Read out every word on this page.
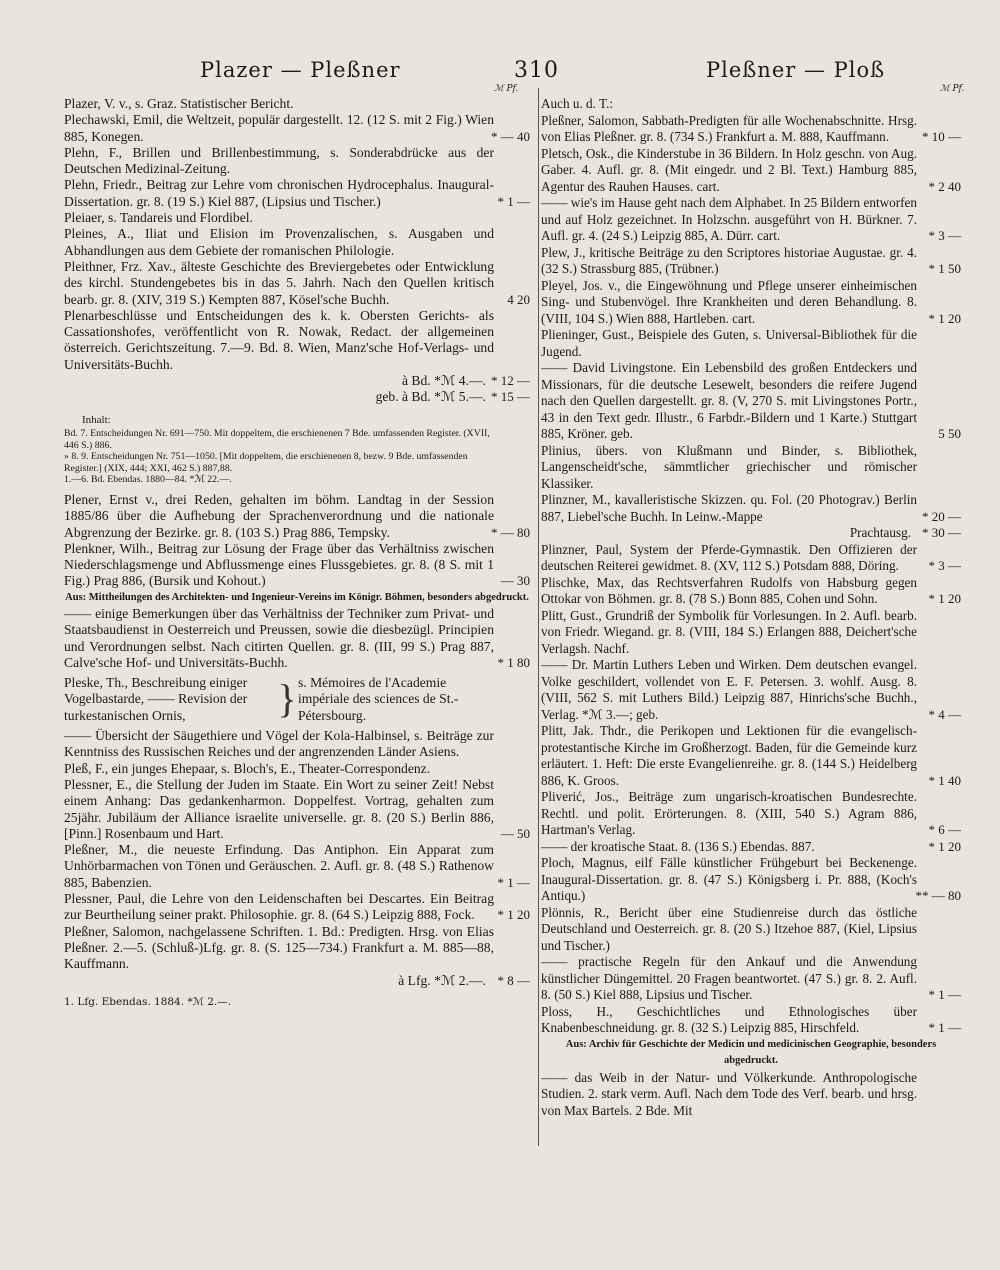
Plazer — Pleßner	310	Pleßner — Ploß
ℳ Pf.	ℳ Pf.
Plazer, V. v., s. Graz. Statistischer Bericht.
Plechawski, Emil, die Weltzeit, populär dargestellt. 12. (12 S. mit 2 Fig.) Wien 885, Konegen.	* — 40
Plehn, F., Brillen und Brillenbestimmung, s. Sonderabdrücke aus der Deutschen Medizinal-Zeitung.
Plehn, Friedr., Beitrag zur Lehre vom chronischen Hydrocephalus. Inaugural-Dissertation. gr. 8. (19 S.) Kiel 887, (Lipsius und Tischer.)	* 1 —
Pleiaer, s. Tandareis und Flordibel.
Pleines, A., Iliat und Elision im Provenzalischen, s. Ausgaben und Abhandlungen aus dem Gebiete der romanischen Philologie.
Pleithner, Frz. Xav., älteste Geschichte des Breviergebetes oder Entwicklung des kirchl. Stundengebetes bis in das 5. Jahrh. Nach den Quellen kritisch bearb. gr. 8. (XIV, 319 S.) Kempten 887, Kösel'sche Buchh.	4 20
Plenarbeschlüsse und Entscheidungen des k. k. Obersten Gerichts- als Cassationshofes, veröffentlicht von R. Nowak, Redact. der allgemeinen österreich. Gerichtszeitung. 7.—9. Bd. 8. Wien, Manz'sche Hof-Verlags- und Universitäts-Buchh.
à Bd. *ℳ 4.—. * 12 —
geb. à Bd. *ℳ 5.—. * 15 —
Inhalt:
Bd. 7. Entscheidungen Nr. 691—750. Mit doppeltem, die erschienenen 7 Bde. umfassenden Register. (XVII, 446 S.) 886.
» 8. 9. Entscheidungen Nr. 751—1050. [Mit doppeltem, die erschienenen 8, bezw. 9 Bde. umfassenden Register.] (XIX, 444; XXI, 462 S.) 887,88.
1.—6. Bd. Ebendas. 1880—84. *ℳ 22.—.
Plener, Ernst v., drei Reden, gehalten im böhm. Landtag in der Session 1885/86 über die Aufhebung der Sprachenverordnung und die nationale Abgrenzung der Bezirke. gr. 8. (103 S.) Prag 886, Tempsky.	* — 80
Plenkner, Wilh., Beitrag zur Lösung der Frage über das Verhältniss zwischen Niederschlagsmenge und Abflussmenge eines Flussgebietes. gr. 8. (8 S. mit 1 Fig.) Prag 886, (Bursik und Kohout.)	— 30
Aus: Mittheilungen des Architekten- und Ingenieur-Vereins im Königr. Böhmen, besonders abgedruckt.
—— einige Bemerkungen über das Verhältniss der Techniker zum Privat- und Staatsbaudienst in Oesterreich und Preussen, sowie die diesbezügl. Principien und Verordnungen selbst. Nach citirten Quellen. gr. 8. (III, 99 S.) Prag 887, Calve'sche Hof- und Universitäts-Buchh.	* 1 80
Pleske, Th., Beschreibung einiger Vogelbastarde, —— Revision der turkestanischen Ornis,	} s. Mémoires de l'Academie impériale des sciences de St.-Pétersbourg.
—— Übersicht der Säugethiere und Vögel der Kola-Halbinsel, s. Beiträge zur Kenntniss des Russischen Reiches und der angrenzenden Länder Asiens.
Pleß, F., ein junges Ehepaar, s. Bloch's, E., Theater-Correspondenz.
Plessner, E., die Stellung der Juden im Staate. Ein Wort zu seiner Zeit! Nebst einem Anhang: Das gedankenharmon. Doppelfest. Vortrag, gehalten zum 25jähr. Jubiläum der Alliance israelite universelle. gr. 8. (20 S.) Berlin 886, [Pinn.] Rosenbaum und Hart.	— 50
Pleßner, M., die neueste Erfindung. Das Antiphon. Ein Apparat zum Unhörbarmachen von Tönen und Geräuschen. 2. Aufl. gr. 8. (48 S.) Rathenow 885, Babenzien.	* 1 —
Plessner, Paul, die Lehre von den Leidenschaften bei Descartes. Ein Beitrag zur Beurtheilung seiner prakt. Philosophie. gr. 8. (64 S.) Leipzig 888, Fock. * 1 20
Pleßner, Salomon, nachgelassene Schriften. 1. Bd.: Predigten. Hrsg. von Elias Pleßner. 2.—5. (Schluß-)Lfg. gr. 8. (S. 125—734.) Frankfurt a. M. 885—88, Kauffmann.
à Lfg. *ℳ 2.—. * 8 —
1. Lfg. Ebendas. 1884. *ℳ 2.—.
Auch u. d. T.:
Pleßner, Salomon, Sabbath-Predigten für alle Wochenabschnitte. Hrsg. von Elias Pleßner. gr. 8. (734 S.) Frankfurt a. M. 888, Kauffmann.	* 10 —
Pletsch, Osk., die Kinderstube in 36 Bildern. In Holz geschn. von Aug. Gaber. 4. Aufl. gr. 8. (Mit eingedr. und 2 Bl. Text.) Hamburg 885, Agentur des Rauhen Hauses. cart.	* 2 40
—— wie's im Hause geht nach dem Alphabet. In 25 Bildern entworfen und auf Holz gezeichnet. In Holzschn. ausgeführt von H. Bürkner. 7. Aufl. gr. 4. (24 S.) Leipzig 885, A. Dürr. cart.	* 3 —
Plew, J., kritische Beiträge zu den Scriptores historiae Augustae. gr. 4. (32 S.) Strassburg 885, (Trübner.)	* 1 50
Pleyel, Jos. v., die Eingewöhnung und Pflege unserer einheimischen Sing- und Stubenvögel. Ihre Krankheiten und deren Behandlung. 8. (VIII, 104 S.) Wien 888, Hartleben. cart.	* 1 20
Plieninger, Gust., Beispiele des Guten, s. Universal-Bibliothek für die Jugend.
—— David Livingstone. Ein Lebensbild des großen Entdeckers und Missionars, für die deutsche Lesewelt, besonders die reifere Jugend nach den Quellen dargestellt. gr. 8. (V, 270 S. mit Livingstones Portr., 43 in den Text gedr. Illustr., 6 Farbdr.-Bildern und 1 Karte.) Stuttgart 885, Kröner. geb.	5 50
Plinius, übers. von Klußmann und Binder, s. Bibliothek, Langenscheidt'sche, sämmtlicher griechischer und römischer Klassiker.
Plinzner, M., kavalleristische Skizzen. qu. Fol. (20 Photograv.) Berlin 887, Liebel'sche Buchh. In Leinw.-Mappe	* 20 —
Prachtausg. * 30 —
Plinzner, Paul, System der Pferde-Gymnastik. Den Offizieren der deutschen Reiterei gewidmet. 8. (XV, 112 S.) Potsdam 888, Döring. * 3 —
Plischke, Max, das Rechtsverfahren Rudolfs von Habsburg gegen Ottokar von Böhmen. gr. 8. (78 S.) Bonn 885, Cohen und Sohn.	* 1 20
Plitt, Gust., Grundriß der Symbolik für Vorlesungen. In 2. Aufl. bearb. von Friedr. Wiegand. gr. 8. (VIII, 184 S.) Erlangen 888, Deichert'sche Verlagsh. Nachf.
—— Dr. Martin Luthers Leben und Wirken. Dem deutschen evangel. Volke geschildert, vollendet von E. F. Petersen. 3. wohlf. Ausg. 8. (VIII, 562 S. mit Luthers Bild.) Leipzig 887, Hinrichs'sche Buchh., Verlag. *ℳ 3.—; geb.	* 4 —
Plitt, Jak. Thdr., die Perikopen und Lektionen für die evangelisch-protestantische Kirche im Großherzogt. Baden, für die Gemeinde kurz erläutert. 1. Heft: Die erste Evangelienreihe. gr. 8. (144 S.) Heidelberg 886, K. Groos.	* 1 40
Pliverić, Jos., Beiträge zum ungarisch-kroatischen Bundesrechte. Rechtl. und polit. Erörterungen. 8. (XIII, 540 S.) Agram 886, Hartman's Verlag.	* 6 —
—— der kroatische Staat. 8. (136 S.) Ebendas. 887.	* 1 20
Ploch, Magnus, eilf Fälle künstlicher Frühgeburt bei Beckenenge. Inaugural-Dissertation. gr. 8. (47 S.) Königsberg i. Pr. 888, (Koch's Antiqu.)	** — 80
Plönnis, R., Bericht über eine Studienreise durch das östliche Deutschland und Oesterreich. gr. 8. (20 S.) Itzehoe 887, (Kiel, Lipsius und Tischer.)
—— practische Regeln für den Ankauf und die Anwendung künstlicher Düngemittel. 20 Fragen beantwortet. (47 S.) gr. 8. 2. Aufl. 8. (50 S.) Kiel 888, Lipsius und Tischer.	* 1 —
Ploss, H., Geschichtliches und Ethnologisches über Knabenbeschneidung. gr. 8. (32 S.) Leipzig 885, Hirschfeld.	* 1 —
Aus: Archiv für Geschichte der Medicin und medicinischen Geographie, besonders abgedruckt.
—— das Weib in der Natur- und Völkerkunde. Anthropologische Studien. 2. stark verm. Aufl. Nach dem Tode des Verf. bearb. und hrsg. von Max Bartels. 2 Bde. Mit
